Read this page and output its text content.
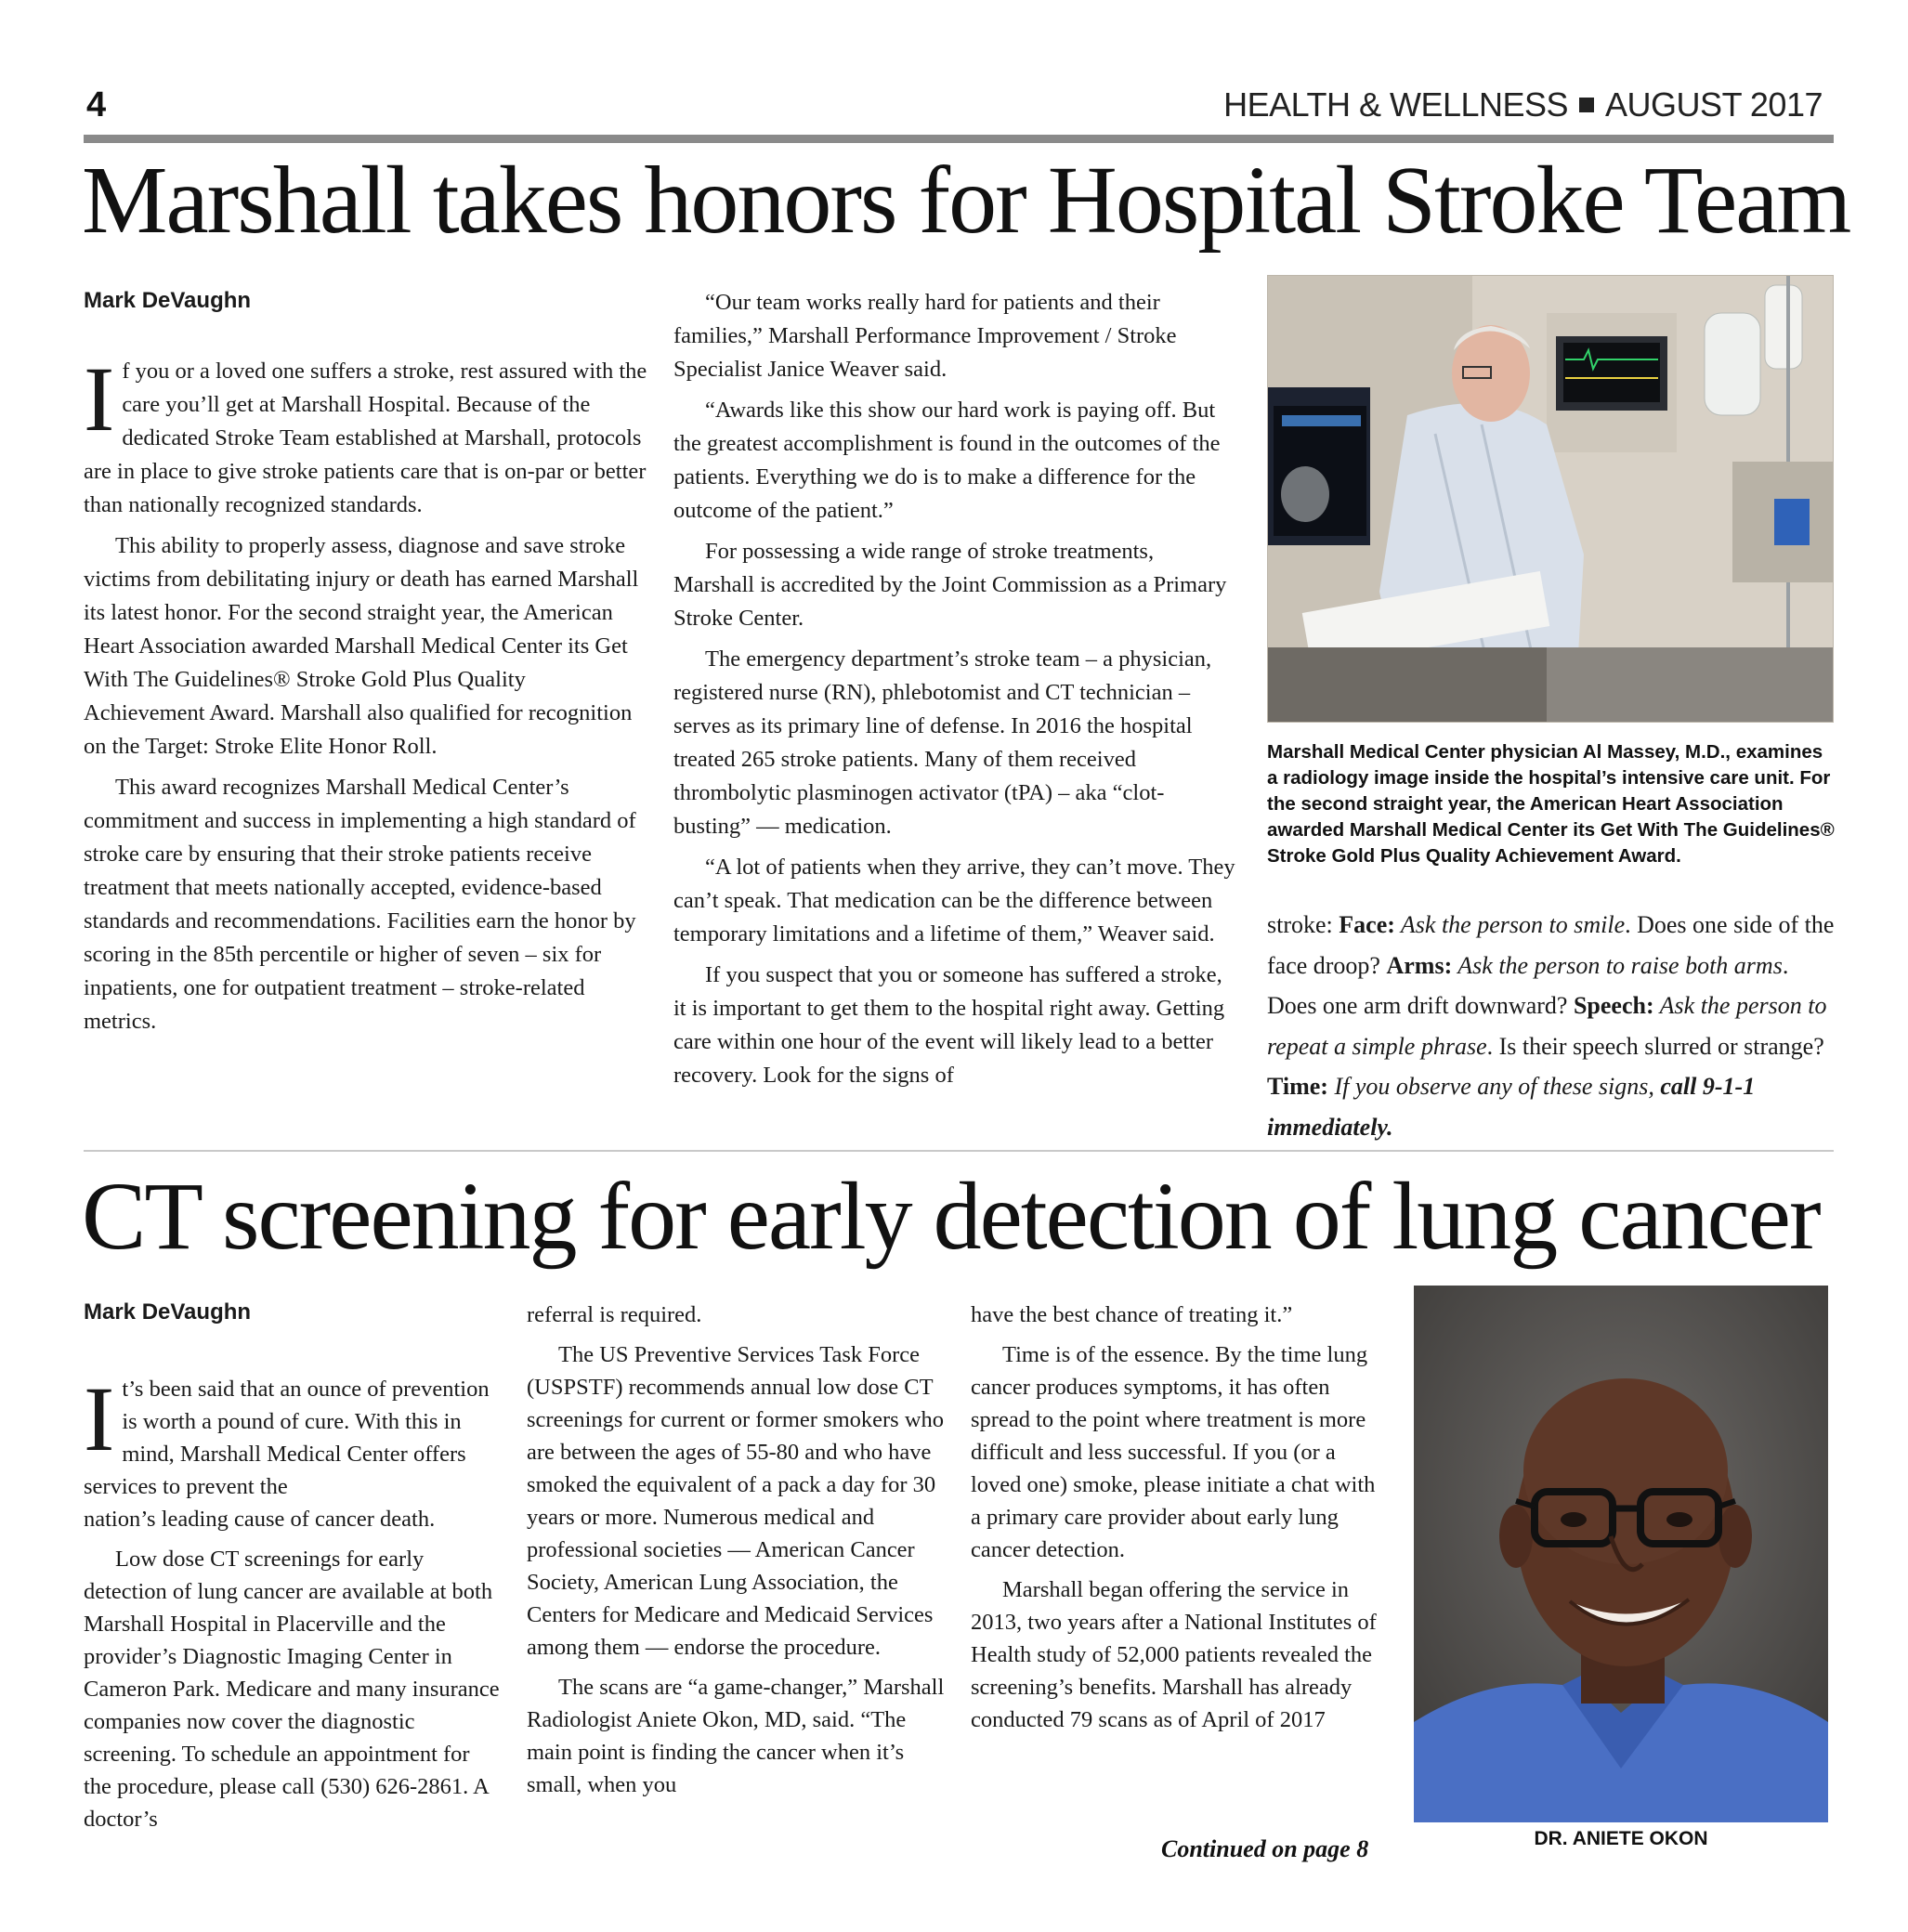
4	HEALTH & WELLNESS AUGUST 2017
Marshall takes honors for Hospital Stroke Team
Mark DeVaughn

If you or a loved one suffers a stroke, rest assured with the care you’ll get at Marshall Hospital. Because of the dedicated Stroke Team established at Marshall, protocols are in place to give stroke patients care that is on-par or better than nationally recognized standards.

This ability to properly assess, diagnose and save stroke victims from debilitating injury or death has earned Marshall its latest honor. For the second straight year, the American Heart Association awarded Marshall Medical Center its Get With The Guidelines® Stroke Gold Plus Quality Achievement Award. Marshall also qualified for recognition on the Target: Stroke Elite Honor Roll.

This award recognizes Marshall Medical Center’s commitment and success in implementing a high standard of stroke care by ensuring that their stroke patients receive treatment that meets nationally accepted, evidence-based standards and recommendations. Facilities earn the honor by scoring in the 85th percentile or higher of seven – six for inpatients, one for outpatient treatment – stroke-related metrics.

“Our team works really hard for patients and their families,” Marshall Performance Improvement / Stroke Specialist Janice Weaver said.

“Awards like this show our hard work is paying off. But the greatest accomplishment is found in the outcomes of the patients. Everything we do is to make a difference for the outcome of the patient.”

For possessing a wide range of stroke treatments, Marshall is accredited by the Joint Commission as a Primary Stroke Center.

The emergency department’s stroke team – a physician, registered nurse (RN), phlebotomist and CT technician – serves as its primary line of defense. In 2016 the hospital treated 265 stroke patients. Many of them received thrombolytic plasminogen activator (tPA) – aka “clot-busting” — medication.

“A lot of patients when they arrive, they can’t move. They can’t speak. That medication can be the difference between temporary limitations and a lifetime of them,” Weaver said.

If you suspect that you or someone has suffered a stroke, it is important to get them to the hospital right away. Getting care within one hour of the event will likely lead to a better recovery. Look for the signs of

Marshall Medical Center physician Al Massey, M.D., examines a radiology image inside the hospital’s intensive care unit. For the second straight year, the American Heart Association awarded Marshall Medical Center its Get With The Guidelines® Stroke Gold Plus Quality Achievement Award.
stroke: Face: Ask the person to smile. Does one side of the face droop? Arms: Ask the person to raise both arms. Does one arm drift downward? Speech: Ask the person to repeat a simple phrase. Is their speech slurred or strange? Time: If you observe any of these signs, call 9-1-1 immediately.
CT screening for early detection of lung cancer
Mark DeVaughn

It’s been said that an ounce of prevention is worth a pound of cure. With this in mind, Marshall Medical Center offers services to prevent the

nation’s leading cause of cancer death.

Low dose CT screenings for early detection of lung cancer are available at both Marshall Hospital in Placerville and the provider’s Diagnostic Imaging Center in Cameron Park. Medicare and many insurance companies now cover the diagnostic screening. To schedule an appointment for the procedure, please call (530) 626-2861. A doctor’s

referral is required.

The US Preventive Services Task Force (USPSTF) recommends annual low dose CT screenings for current or former smokers who are between the ages of 55-80 and who have smoked the equivalent of a pack a day for 30 years or more. Numerous medical and professional societies — American Cancer Society, American Lung Association, the Centers for Medicare and Medicaid Services among them — endorse the procedure.

The scans are “a game-changer,” Marshall Radiologist Aniete Okon, MD, said. “The main point is finding the cancer when it’s small, when you

have the best chance of treating it.”

Time is of the essence. By the time lung cancer produces symptoms, it has often spread to the point where treatment is more difficult and less successful. If you (or a loved one) smoke, please initiate a chat with a primary care provider about early lung cancer detection.

Marshall began offering the service in 2013, two years after a National Institutes of Health study of 52,000 patients revealed the screening’s benefits. Marshall has already conducted 79 scans as of April of 2017

Continued on page 8	DR. ANIETE OKON
